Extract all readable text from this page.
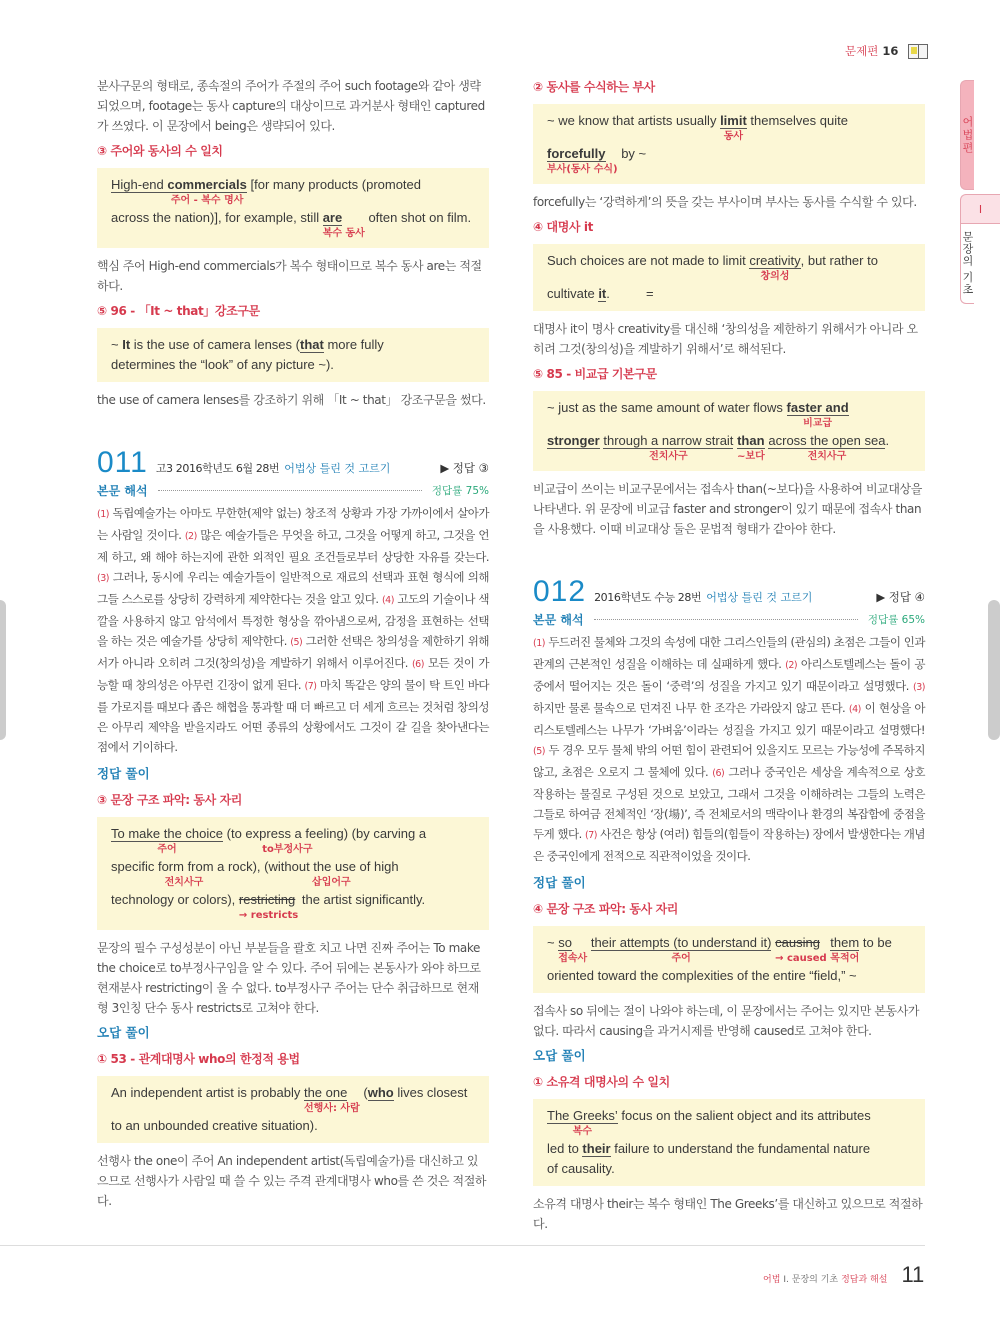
문제편 16
어법편
Ⅰ
문장의 기초

분사구문의 형태로, 종속절의 주어가 주절의 주어 such footage와 같아 생략되었으며, footage는 동사 capture의 대상이므로 과거분사 형태인 captured가 쓰였다. 이 문장에서 being은 생략되어 있다.

③ 주어와 동사의 수 일치
High-end commercials
주어 - 복수 명사
[for many products (promoted
across the nation)], for example, still are
복수 동사
often shot on film.

핵심 주어 High-end commercials가 복수 형태이므로 복수 동사 are는 적절하다.

⑤ 96 - 「It ~ that」강조구문
~ It is the use of camera lenses (that more fully
determines the “look” of any picture ~).

the use of camera lenses를 강조하기 위해 「It ~ that」 강조구문을 썼다.

011 고3 2016학년도 6월 28번 어법상 틀린 것 고르기	▶ 정답 ③
본문 해석	정답률 75%

(1) 독립예술가는 아마도 무한한(제약 없는) 창조적 상황과 가장 가까이에서 살아가는 사람일 것이다. (2) 많은 예술가들은 무엇을 하고, 그것을 어떻게 하고, 그것을 언제 하고, 왜 해야 하는지에 관한 외적인 필요 조건들로부터 상당한 자유를 갖는다. (3) 그러나, 동시에 우리는 예술가들이 일반적으로 재료의 선택과 표현 형식에 의해 그들 스스로를 상당히 강력하게 제약한다는 것을 알고 있다. (4) 고도의 기술이나 색깔을 사용하지 않고 암석에서 특정한 형상을 깎아냄으로써, 감정을 표현하는 선택을 하는 것은 예술가를 상당히 제약한다. (5) 그러한 선택은 창의성을 제한하기 위해서가 아니라 오히려 그것(창의성)을 계발하기 위해서 이루어진다. (6) 모든 것이 가능할 때 창의성은 아무런 긴장이 없게 된다. (7) 마치 똑같은 양의 물이 탁 트인 바다를 가로지를 때보다 좁은 해협을 통과할 때 더 빠르고 더 세게 흐르는 것처럼 창의성은 아무리 제약을 받을지라도 어떤 종류의 상황에서도 그것이 갈 길을 찾아낸다는 점에서 기이하다.

정답 풀이
③ 문장 구조 파악: 동사 자리
To make the choice
주어
(to express a feeling)
to부정사구
(by carving a
specific form from a rock)
전치사구
, (without the use of high
삽입어구
technology or colors), restricting
→ restricts
the artist significantly.

문장의 필수 구성성분이 아닌 부분들을 괄호 치고 나면 진짜 주어는 To make the choice로 to부정사구임을 알 수 있다. 주어 뒤에는 본동사가 와야 하므로 현재분사 restricting이 올 수 없다. to부정사구 주어는 단수 취급하므로 현재형 3인칭 단수 동사 restricts로 고쳐야 한다.

오답 풀이
① 53 - 관계대명사 who의 한정적 용법
An independent artist is probably the one
선행사: 사람
(who lives closest
to an unbounded creative situation).

선행사 the one이 주어 An independent artist(독립예술가)를 대신하고 있으므로 선행사가 사람일 때 쓸 수 있는 주격 관계대명사 who를 쓴 것은 적절하다.

② 동사를 수식하는 부사
~ we know that artists usually limit
동사
themselves quite
forcefully
부사(동사 수식)
by ~

forcefully는 ‘강력하게’의 뜻을 갖는 부사이며 부사는 동사를 수식할 수 있다.

④ 대명사 it
Such choices are not made to limit creativity
창의성
, but rather to
cultivate it.          =

대명사 it이 명사 creativity를 대신해 ‘창의성을 제한하기 위해서가 아니라 오히려 그것(창의성)을 계발하기 위해서’로 해석된다.

⑤ 85 - 비교급 기본구문
~ just as the same amount of water flows faster and
비교급
stronger through a narrow strait
전치사구
than
~보다
across the open sea
전치사구
.

비교급이 쓰이는 비교구문에서는 접속사 than(~보다)을 사용하여 비교대상을 나타낸다. 위 문장에 비교급 faster and stronger이 있기 때문에 접속사 than을 사용했다. 이때 비교대상 둘은 문법적 형태가 같아야 한다.

012 2016학년도 수능 28번 어법상 틀린 것 고르기	▶ 정답 ④
본문 해석	정답률 65%

(1) 두드러진 물체와 그것의 속성에 대한 그리스인들의 (관심의) 초점은 그들이 인과 관계의 근본적인 성질을 이해하는 데 실패하게 했다. (2) 아리스토텔레스는 돌이 공중에서 떨어지는 것은 돌이 ‘중력’의 성질을 가지고 있기 때문이라고 설명했다. (3) 하지만 물론 물속으로 던져진 나무 한 조각은 가라앉지 않고 뜬다. (4) 이 현상을 아리스토텔레스는 나무가 ‘가벼움’이라는 성질을 가지고 있기 때문이라고 설명했다! (5) 두 경우 모두 물체 밖의 어떤 힘이 관련되어 있을지도 모르는 가능성에 주목하지 않고, 초점은 오로지 그 물체에 있다. (6) 그러나 중국인은 세상을 계속적으로 상호 작용하는 물질로 구성된 것으로 보았고, 그래서 그것을 이해하려는 그들의 노력은 그들로 하여금 전체적인 ‘장(場)’, 즉 전체로서의 맥락이나 환경의 복잡함에 중점을 두게 했다. (7) 사건은 항상 (여러) 힘들의(힘들이 작용하는) 장에서 발생한다는 개념은 중국인에게 전적으로 직관적이었을 것이다.

정답 풀이
④ 문장 구조 파악: 동사 자리
~ so
접속사
their attempts (to understand it)
주어
causing
→ caused
them
목적어
to be
oriented toward the complexities of the entire “field,” ~

접속사 so 뒤에는 절이 나와야 하는데, 이 문장에서는 주어는 있지만 본동사가 없다. 따라서 causing을 과거시제를 반영해 caused로 고쳐야 한다.

오답 풀이
① 소유격 대명사의 수 일치
The Greeks’
복수
focus on the salient object and its attributes
led to their failure to understand the fundamental nature
of causality.

소유격 대명사 their는 복수 형태인 The Greeks’를 대신하고 있으므로 적절하다.

어법 Ⅰ. 문장의 기초 정답과 해설 11
